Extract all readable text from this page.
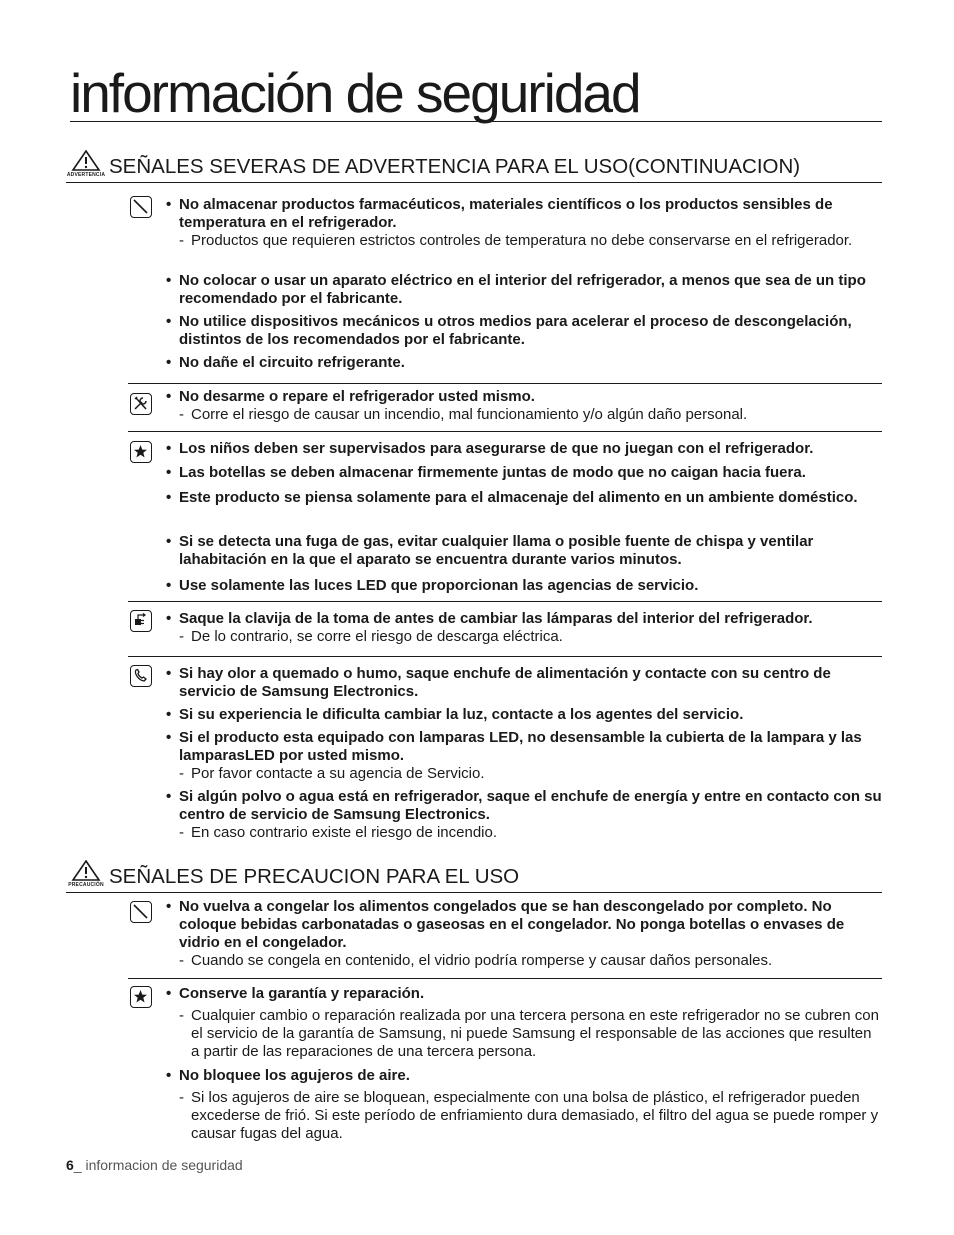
información de seguridad
ADVERTENCIA SEÑALES SEVERAS DE ADVERTENCIA PARA EL USO(CONTINUACION)
• No almacenar productos farmacéuticos, materiales científicos o los productos sensibles de temperatura en el refrigerador.
- Productos que requieren estrictos controles de temperatura no debe conservarse en el refrigerador.
• No colocar o usar un aparato eléctrico en el interior del refrigerador, a menos que sea de un tipo recomendado por el fabricante.
• No utilice dispositivos mecánicos u otros medios para acelerar el proceso de descongelación, distintos de los recomendados por el fabricante.
• No dañe el circuito refrigerante.
• No desarme o repare el refrigerador usted mismo.
- Corre el riesgo de causar un incendio, mal funcionamiento y/o algún daño personal.
• Los niños deben ser supervisados para asegurarse de que no juegan con el refrigerador.
• Las botellas se deben almacenar firmemente juntas de modo que no caigan hacia fuera.
• Este producto se piensa solamente para el almacenaje del alimento en un ambiente doméstico.
• Si se detecta una fuga de gas, evitar cualquier llama o posible fuente de chispa y ventilar lahabitación en la que el aparato se encuentra durante varios minutos.
• Use solamente las luces LED que proporcionan las agencias de servicio.
• Saque la clavija de la toma de antes de cambiar las lámparas del interior del refrigerador.
- De lo contrario, se corre el riesgo de descarga eléctrica.
• Si hay olor a quemado o humo, saque enchufe de alimentación y contacte con su centro de servicio de Samsung Electronics.
• Si su experiencia le dificulta cambiar la luz, contacte a los agentes del servicio.
• Si el producto esta equipado con lamparas LED, no desensamble la cubierta de la lampara y las lamparasLED por usted mismo.
- Por favor contacte a su agencia de Servicio.
• Si algún polvo o agua está en refrigerador, saque el enchufe de energía y entre en contacto con su centro de servicio de Samsung Electronics.
- En caso contrario existe el riesgo de incendio.
PRECAUCIÓN SEÑALES DE PRECAUCION PARA EL USO
• No vuelva a congelar los alimentos congelados que se han descongelado por completo. No coloque bebidas carbonatadas o gaseosas en el congelador. No ponga botellas o envases de vidrio en el congelador.
- Cuando se congela en contenido, el vidrio podría romperse y causar daños personales.
• Conserve la garantía y reparación.
- Cualquier cambio o reparación realizada por una tercera persona en este refrigerador no se cubren con el servicio de la garantía de Samsung, ni puede Samsung el responsable de las acciones que resulten a partir de las reparaciones de una tercera persona.
• No bloquee los agujeros de aire.
- Si los agujeros de aire se bloquean, especialmente con una bolsa de plástico, el refrigerador pueden excederse de frió. Si este período de enfriamiento dura demasiado, el filtro del agua se puede romper y causar fugas del agua.
6_ informacion de seguridad
